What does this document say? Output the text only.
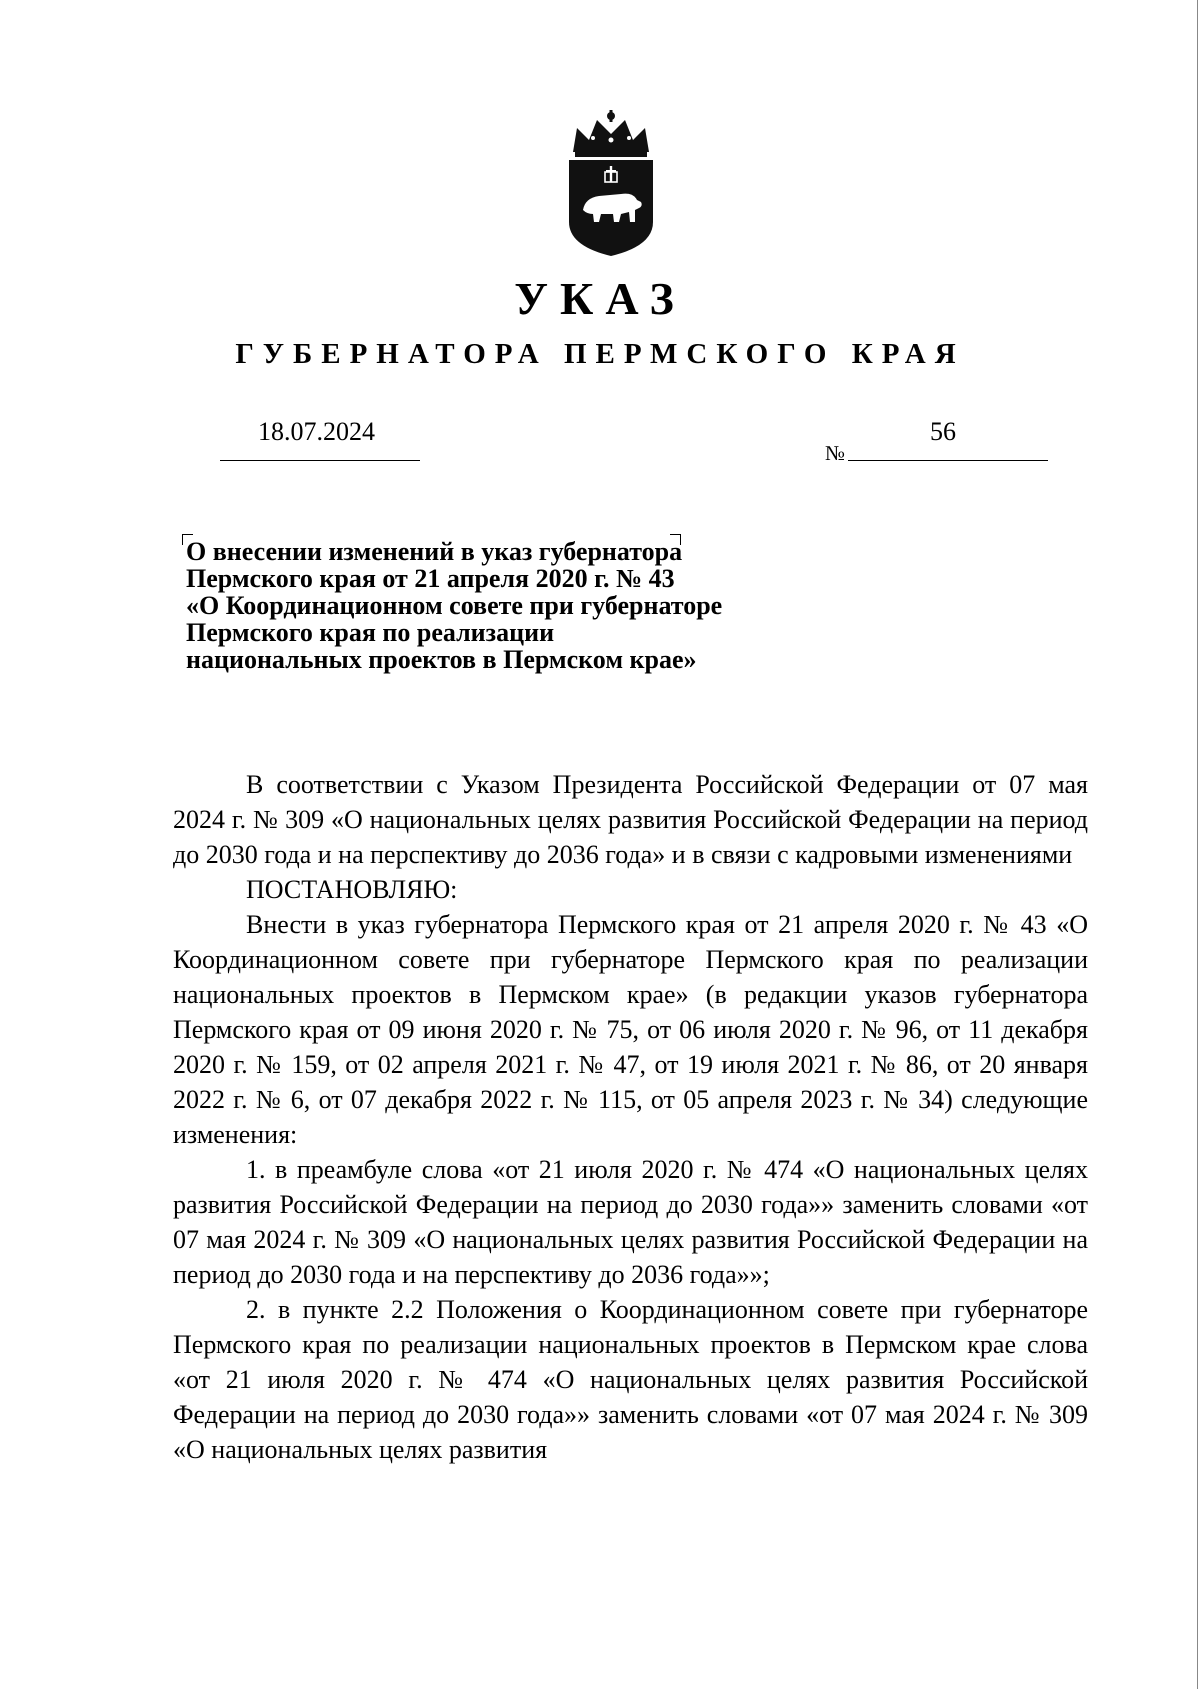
УКАЗ
ГУБЕРНАТОРА ПЕРМСКОГО КРАЯ
18.07.2024
№
56
О внесении изменений в указ губернатора
Пермского края от 21 апреля 2020 г. № 43
«О Координационном совете при губернаторе
Пермского края по реализации
национальных проектов в Пермском крае»

В соответствии с Указом Президента Российской Федерации от 07 мая 2024 г. № 309 «О национальных целях развития Российской Федерации на период до 2030 года и на перспективу до 2036 года» и в связи с кадровыми изменениями

ПОСТАНОВЛЯЮ:

Внести в указ губернатора Пермского края от 21 апреля 2020 г. № 43 «О Координационном совете при губернаторе Пермского края по реализации национальных проектов в Пермском крае» (в редакции указов губернатора Пермского края от 09 июня 2020 г. № 75, от 06 июля 2020 г. № 96, от 11 декабря 2020 г. № 159, от 02 апреля 2021 г. № 47, от 19 июля 2021 г. № 86, от 20 января 2022 г. № 6, от 07 декабря 2022 г. № 115, от 05 апреля 2023 г. № 34) следующие изменения:

1. в преамбуле слова «от 21 июля 2020 г. № 474 «О национальных целях развития Российской Федерации на период до 2030 года»» заменить словами «от 07 мая 2024 г. № 309 «О национальных целях развития Российской Федерации на период до 2030 года и на перспективу до 2036 года»»;

2. в пункте 2.2 Положения о Координационном совете при губернаторе Пермского края по реализации национальных проектов в Пермском крае слова «от 21 июля 2020 г. № 474 «О национальных целях развития Российской Федерации на период до 2030 года»» заменить словами «от 07 мая 2024 г. № 309 «О национальных целях развития
